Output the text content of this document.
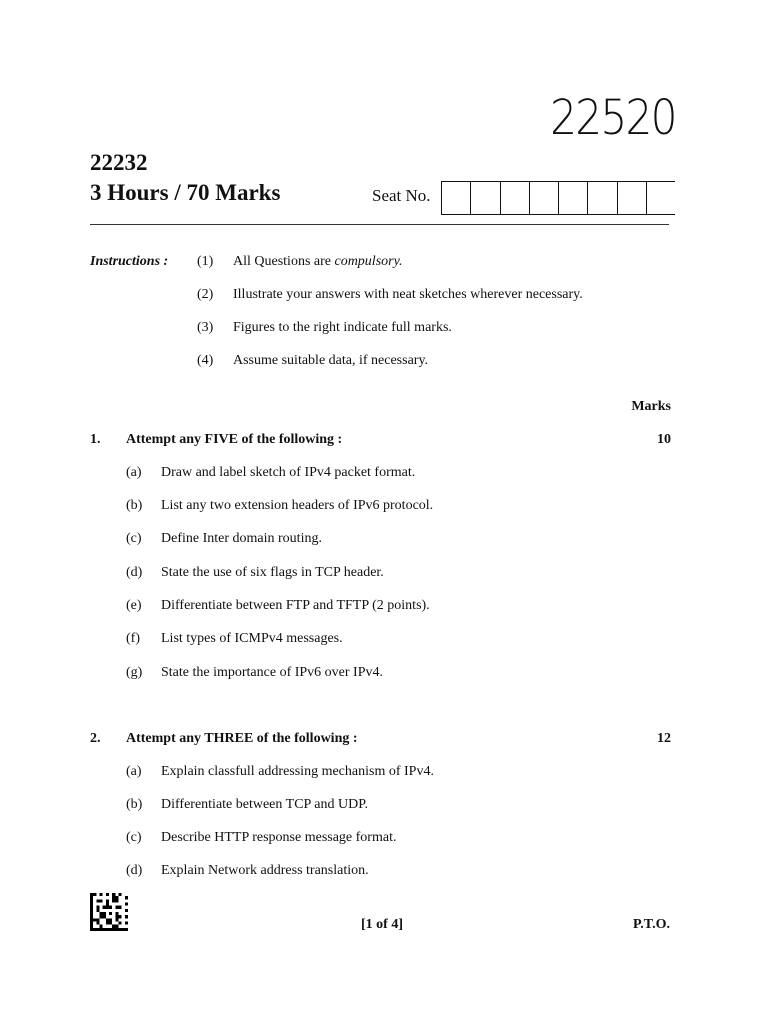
22520
22232
3 Hours / 70 Marks	Seat No.
Instructions : (1) All Questions are compulsory.
(2) Illustrate your answers with neat sketches wherever necessary.
(3) Figures to the right indicate full marks.
(4) Assume suitable data, if necessary.
Marks
1. Attempt any FIVE of the following :	10
(a) Draw and label sketch of IPv4 packet format.
(b) List any two extension headers of IPv6 protocol.
(c) Define Inter domain routing.
(d) State the use of six flags in TCP header.
(e) Differentiate between FTP and TFTP (2 points).
(f) List types of ICMPv4 messages.
(g) State the importance of IPv6 over IPv4.
2. Attempt any THREE of the following :	12
(a) Explain classfull addressing mechanism of IPv4.
(b) Differentiate between TCP and UDP.
(c) Describe HTTP response message format.
(d) Explain Network address translation.
[1 of 4]	P.T.O.
